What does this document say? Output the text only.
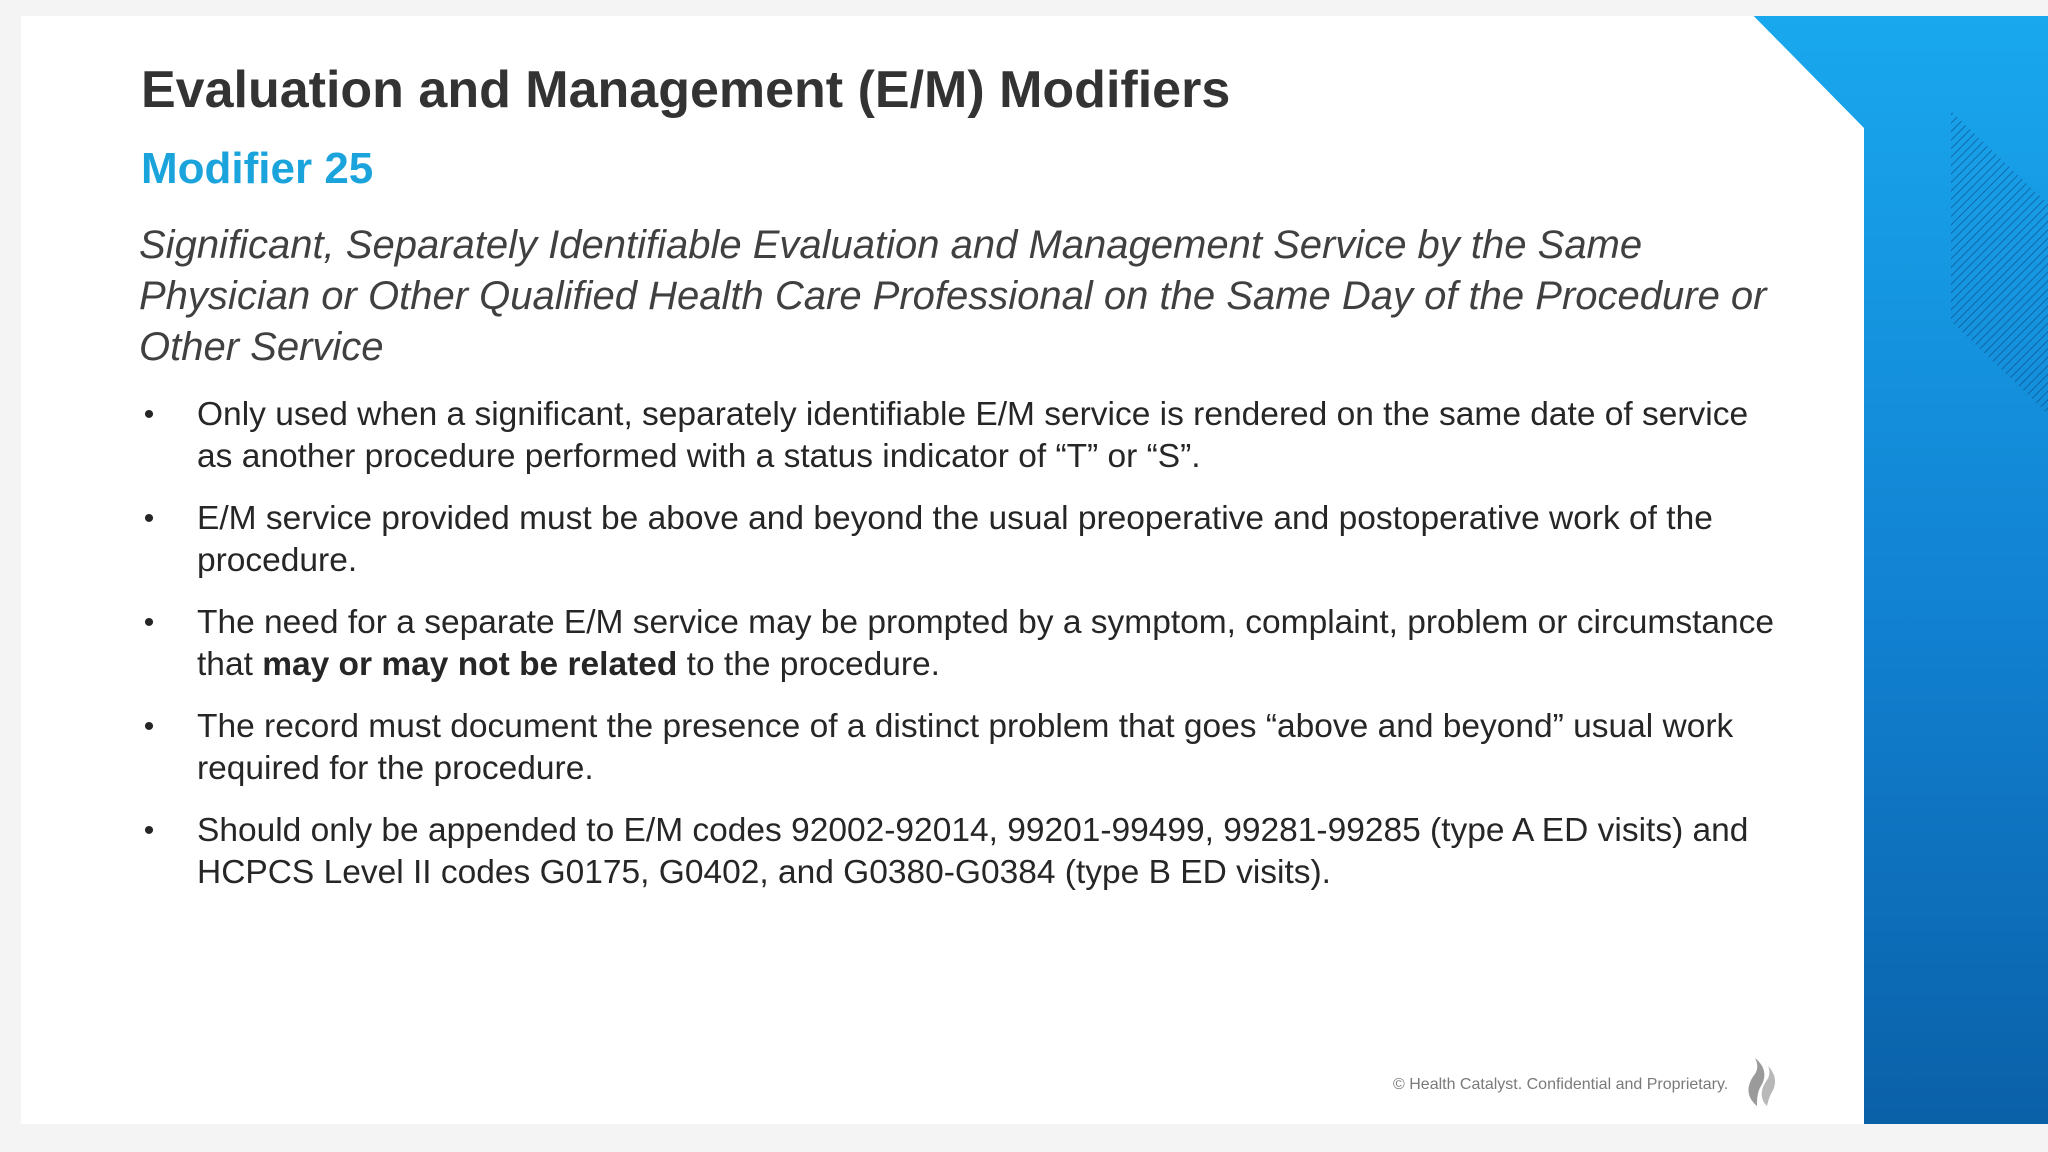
Evaluation and Management (E/M) Modifiers
Modifier 25

Significant, Separately Identifiable Evaluation and Management Service by the Same Physician or Other Qualified Health Care Professional on the Same Day of the Procedure or Other Service

• Only used when a significant, separately identifiable E/M service is rendered on the same date of service as another procedure performed with a status indicator of “T” or “S”.
• E/M service provided must be above and beyond the usual preoperative and postoperative work of the procedure.
• The need for a separate E/M service may be prompted by a symptom, complaint, problem or circumstance that may or may not be related to the procedure.
• The record must document the presence of a distinct problem that goes “above and beyond” usual work required for the procedure.
• Should only be appended to E/M codes 92002-92014, 99201-99499, 99281-99285 (type A ED visits) and HCPCS Level II codes G0175, G0402, and G0380-G0384 (type B ED visits).
© Health Catalyst. Confidential and Proprietary.
